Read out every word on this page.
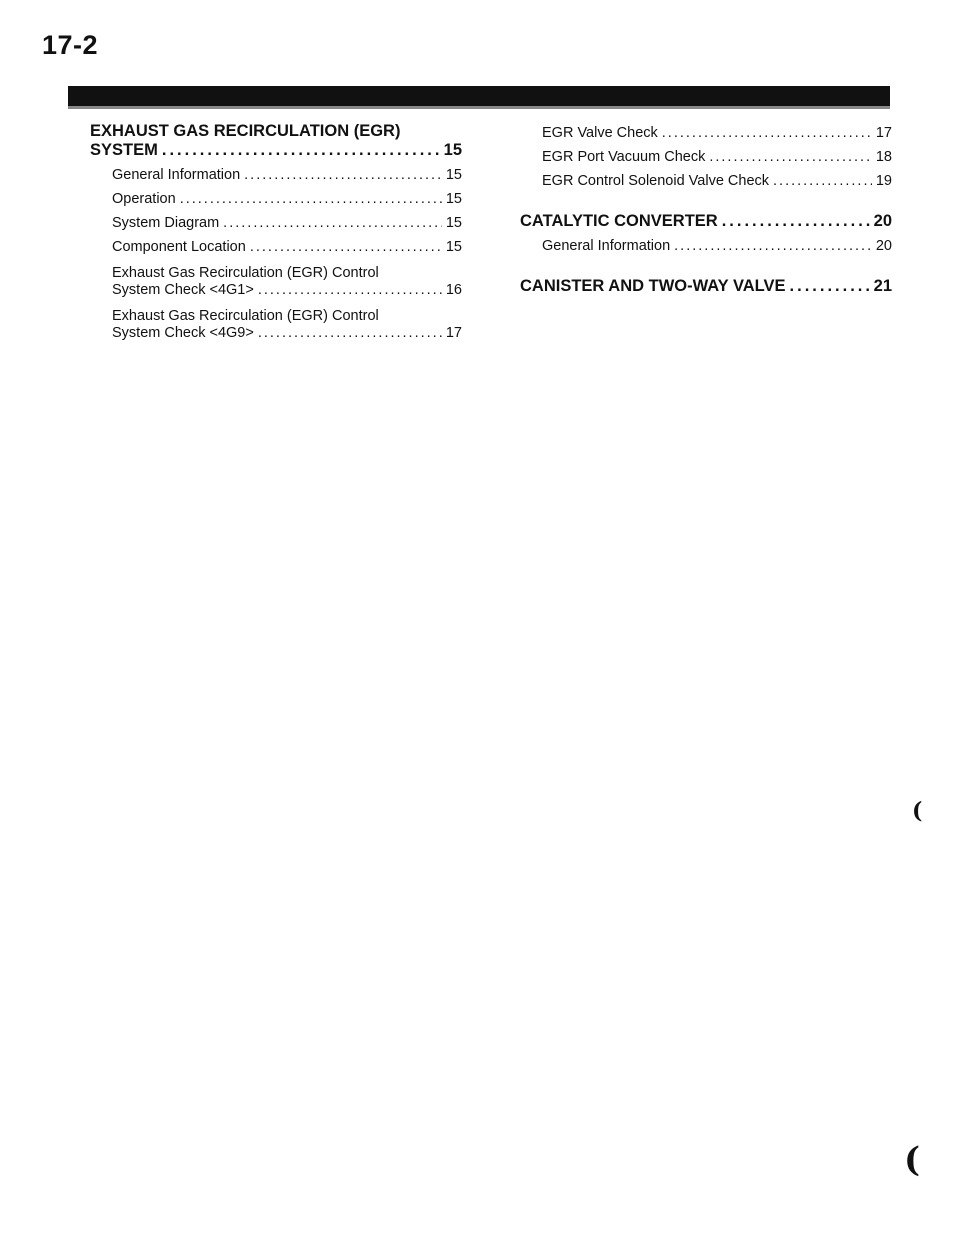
17-2
EXHAUST GAS RECIRCULATION (EGR)
SYSTEM .....	15
General Information .....	15
Operation .....	15
System Diagram .....	15
Component Location .....	15
Exhaust Gas Recirculation (EGR) Control
System Check <4G1> .....	16
Exhaust Gas Recirculation (EGR) Control
System Check <4G9> .....	17
EGR Valve Check .....	17
EGR Port Vacuum Check .....	18
EGR Control Solenoid Valve Check .....	19
CATALYTIC CONVERTER .....	20
General Information .....	20
CANISTER AND TWO-WAY VALVE .....	21
(
(
